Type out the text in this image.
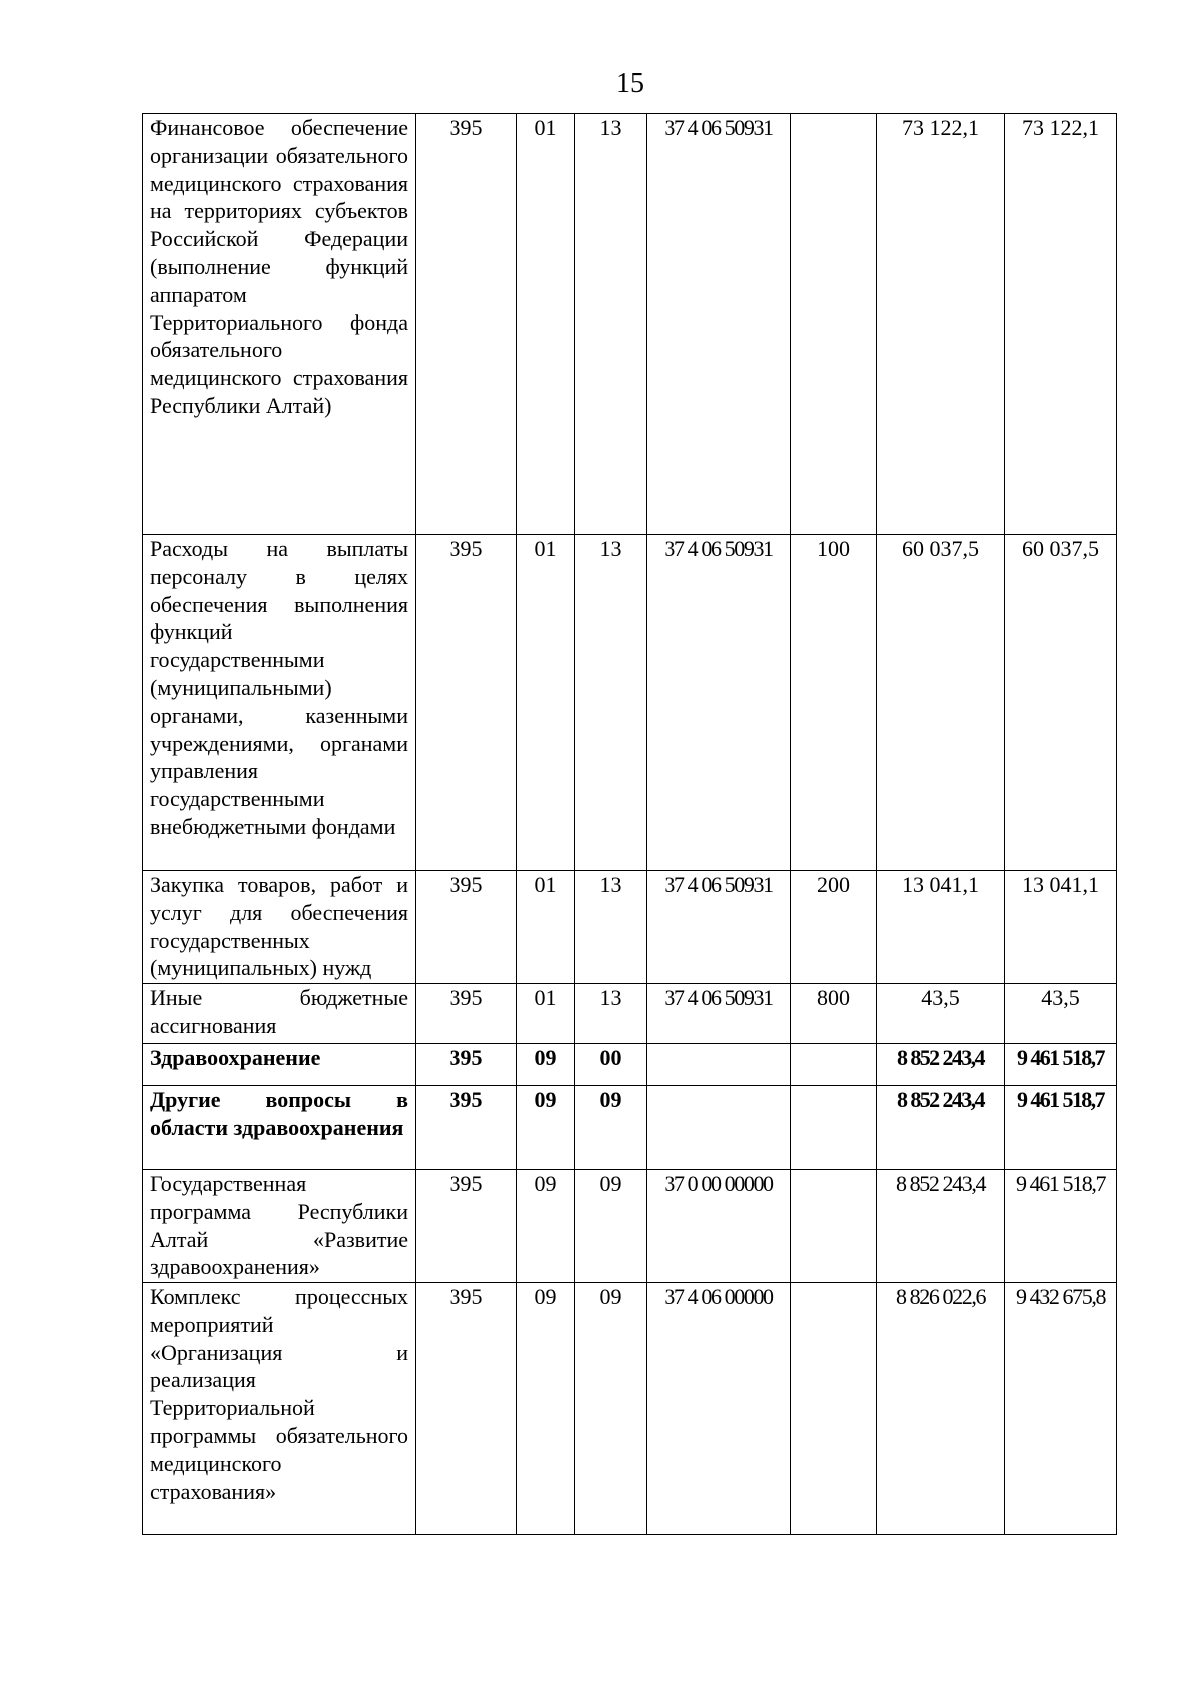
15
Финансовое обеспечение организации обязательного медицинского страхования на территориях субъектов Российской Федерации (выполнение функций аппаратом Территориального фонда обязательного медицинского страхования Республики Алтай)	395	01	13	37 4 06 50931		73 122,1	73 122,1
Расходы на выплаты персоналу в целях обеспечения выполнения функций государственными (муниципальными) органами, казенными учреждениями, органами управления государственными внебюджетными фондами	395	01	13	37 4 06 50931	100	60 037,5	60 037,5
Закупка товаров, работ и услуг для обеспечения государственных (муниципальных) нужд	395	01	13	37 4 06 50931	200	13 041,1	13 041,1
Иные бюджетные ассигнования	395	01	13	37 4 06 50931	800	43,5	43,5
Здравоохранение	395	09	00			8 852 243,4	9 461 518,7
Другие вопросы в области здравоохранения	395	09	09			8 852 243,4	9 461 518,7
Государственная программа Республики Алтай «Развитие здравоохранения»	395	09	09	37 0 00 00000		8 852 243,4	9 461 518,7
Комплекс процессных мероприятий «Организация и реализация Территориальной программы обязательного медицинского страхования»	395	09	09	37 4 06 00000		8 826 022,6	9 432 675,8
